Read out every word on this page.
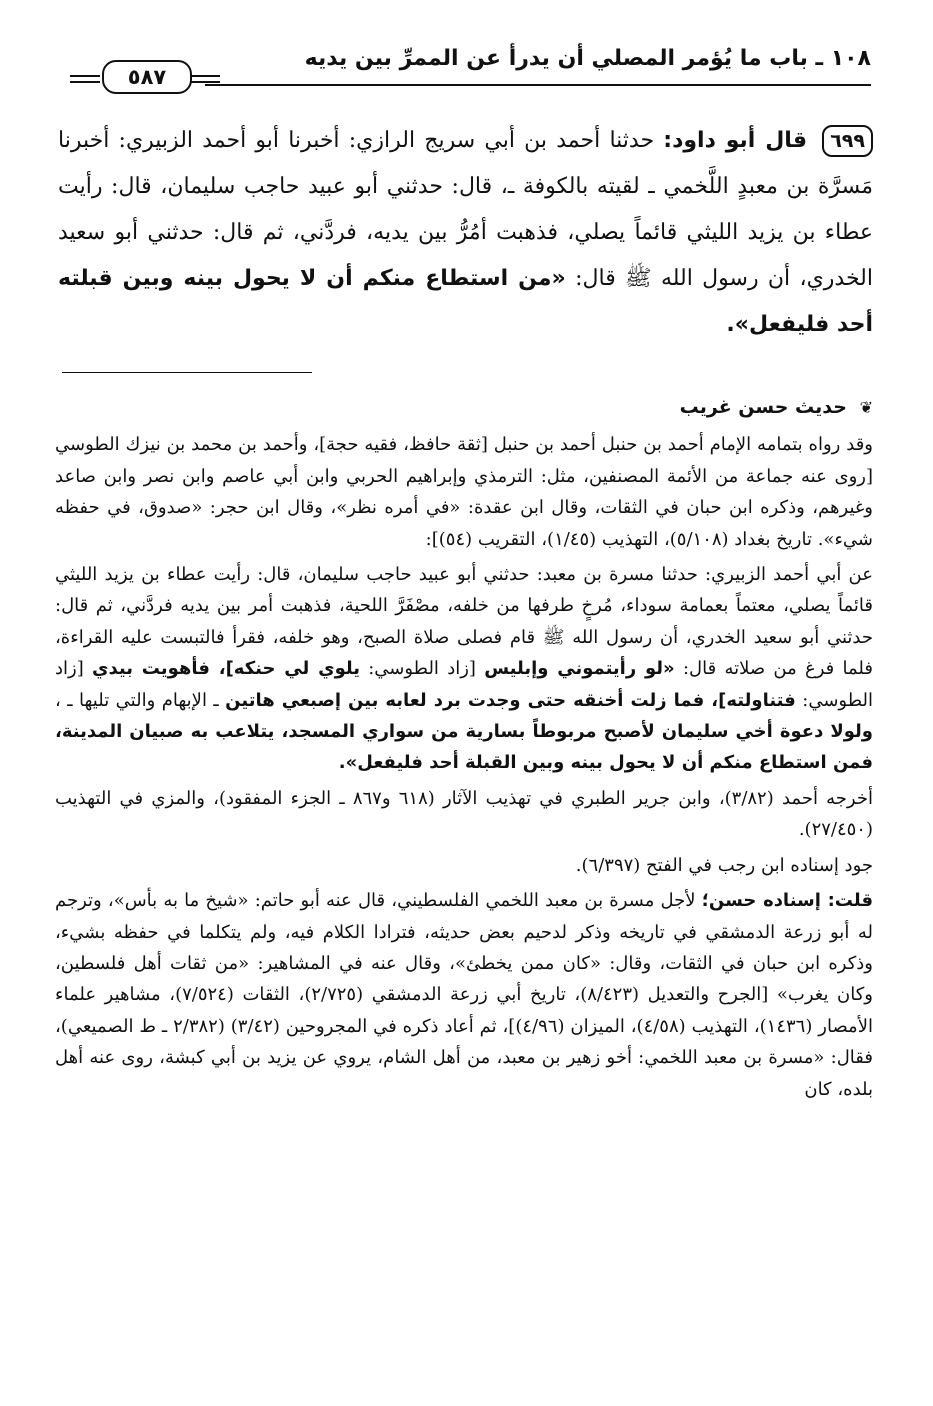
١٠٨ ـ باب ما يُؤمر المصلي أن يدرأ عن الممرِّ بين يديه
٥٨٧
٦٩٩ قال أبو داود: حدثنا أحمد بن أبي سريج الرازي: أخبرنا أبو أحمد الزبيري: أخبرنا مَسرَّة بن معبدٍ اللَّخمي ـ لقيته بالكوفة ـ، قال: حدثني أبو عبيد حاجب سليمان، قال: رأيت عطاء بن يزيد الليثي قائماً يصلي، فذهبت أمُرُّ بين يديه، فردَّني، ثم قال: حدثني أبو سعيد الخدري، أن رسول الله ﷺ قال: «من استطاع منكم أن لا يحول بينه وبين قبلته أحد فليفعل».
❦ حديث حسن غريب

وقد رواه بتمامه الإمام أحمد بن حنبل أحمد بن حنبل [ثقة حافظ، فقيه حجة]، وأحمد بن محمد بن نيزك الطوسي [روى عنه جماعة من الأئمة المصنفين، مثل: الترمذي وإبراهيم الحربي وابن أبي عاصم وابن نصر وابن صاعد وغيرهم، وذكره ابن حبان في الثقات، وقال ابن عقدة: «في أمره نظر»، وقال ابن حجر: «صدوق، في حفظه شيء». تاريخ بغداد (٥/١٠٨)، التهذيب (١/٤٥)، التقريب (٥٤)]:

عن أبي أحمد الزبيري: حدثنا مسرة بن معبد: حدثني أبو عبيد حاجب سليمان، قال: رأيت عطاء بن يزيد الليثي قائماً يصلي، معتماً بعمامة سوداء، مُرخٍ طرفها من خلفه، مصْفَرَّ اللحية، فذهبت أمر بين يديه فردَّني، ثم قال: حدثني أبو سعيد الخدري، أن رسول الله ﷺ قام فصلى صلاة الصبح، وهو خلفه، فقرأ فالتبست عليه القراءة، فلما فرغ من صلاته قال: «لو رأيتموني وإبليس [زاد الطوسي: يلوي لي حنكه]، فأهويت بيدي [زاد الطوسي: فتناولته]، فما زلت أخنقه حتى وجدت برد لعابه بين إصبعي هاتين ـ الإبهام والتي تليها ـ ، ولولا دعوة أخي سليمان لأصبح مربوطاً بسارية من سواري المسجد، يتلاعب به صبيان المدينة، فمن استطاع منكم أن لا يحول بينه وبين القبلة أحد فليفعل».

أخرجه أحمد (٣/٨٢)، وابن جرير الطبري في تهذيب الآثار (٦١٨ و٨٦٧ ـ الجزء المفقود)، والمزي في التهذيب (٢٧/٤٥٠).

جود إسناده ابن رجب في الفتح (٦/٣٩٧).

قلت: إسناده حسن؛ لأجل مسرة بن معبد اللخمي الفلسطيني، قال عنه أبو حاتم: «شيخ ما به بأس»، وترجم له أبو زرعة الدمشقي في تاريخه وذكر لدحيم بعض حديثه، فترادا الكلام فيه، ولم يتكلما في حفظه بشيء، وذكره ابن حبان في الثقات، وقال: «كان ممن يخطئ»، وقال عنه في المشاهير: «من ثقات أهل فلسطين، وكان يغرب» [الجرح والتعديل (٨/٤٢٣)، تاريخ أبي زرعة الدمشقي (٢/٧٢٥)، الثقات (٧/٥٢٤)، مشاهير علماء الأمصار (١٤٣٦)، التهذيب (٤/٥٨)، الميزان (٤/٩٦)]، ثم أعاد ذكره في المجروحين (٣/٤٢) (٢/٣٨٢ ـ ط الصميعي)، فقال: «مسرة بن معبد اللخمي: أخو زهير بن معبد، من أهل الشام، يروي عن يزيد بن أبي كبشة، روى عنه أهل بلده، كان
